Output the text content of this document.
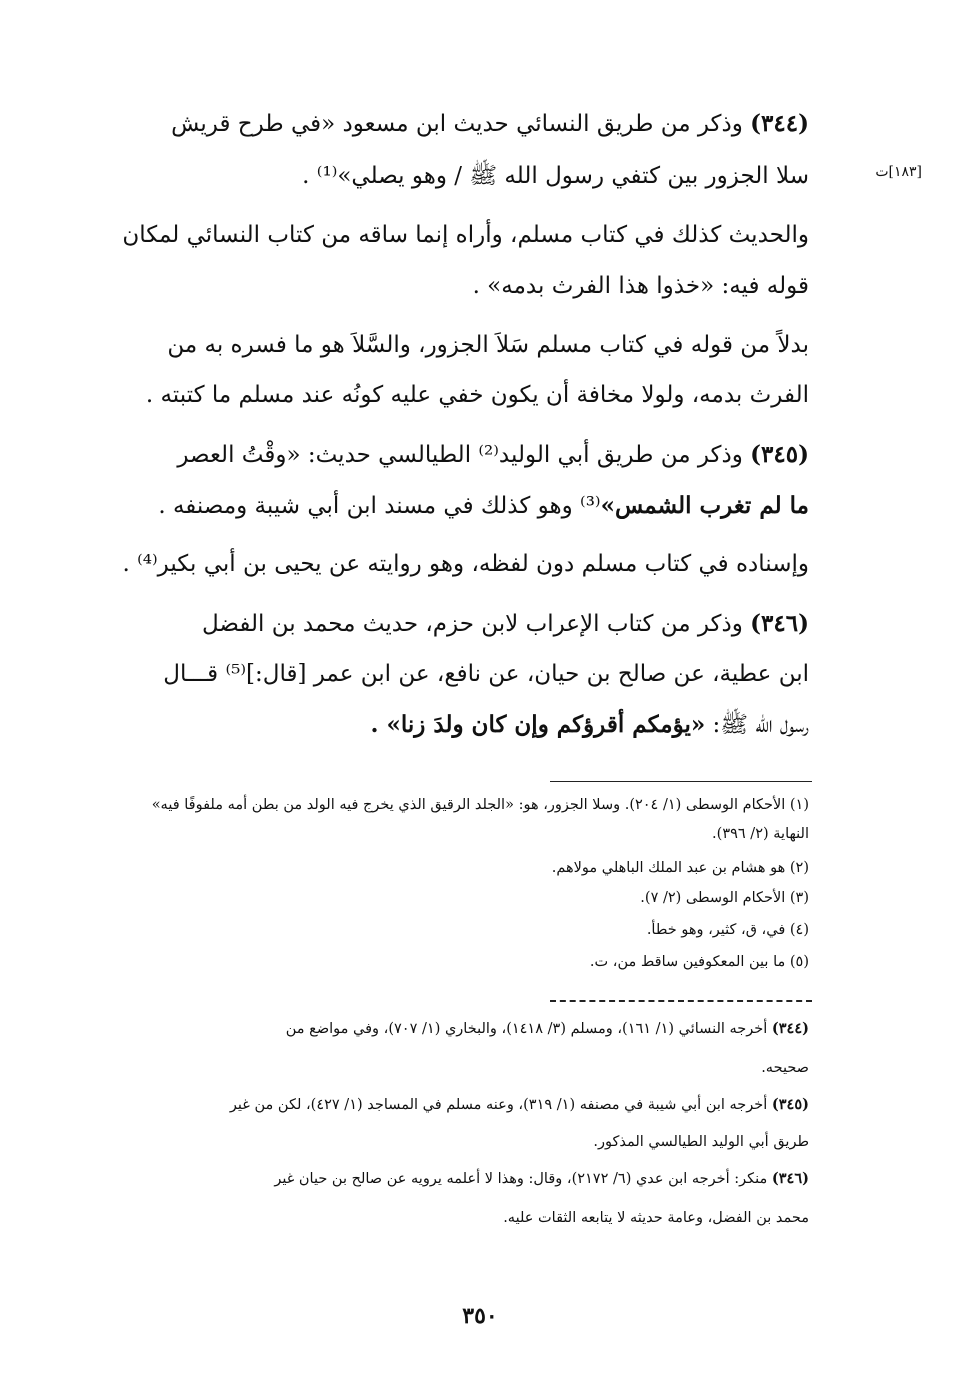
[١٨٣]ت
(٣٤٤) وذكر من طريق النسائي حديث ابن مسعود «في طرح قريش
سلا الجزور بين كتفي رسول الله ﷺ / وهو يصلي»⁽¹⁾ .
والحديث كذلك في كتاب مسلم، وأراه إنما ساقه من كتاب النسائي لمكان
قوله فيه: «خذوا هذا الفرث بدمه» .
بدلاً من قوله في كتاب مسلم سَلاَ الجزور، والسَّلاَ هو ما فسره به من
الفرث بدمه، ولولا مخافة أن يكون خفي عليه كونُه عند مسلم ما كتبته .
(٣٤٥) وذكر من طريق أبي الوليد⁽²⁾ الطيالسي حديث: «وقْتُ العصر
ما لم تغرب الشمس»⁽³⁾ وهو كذلك في مسند ابن أبي شيبة ومصنفه .
وإسناده في كتاب مسلم دون لفظه، وهو روايته عن يحيى بن أبي بكير⁽⁴⁾ .
(٣٤٦) وذكر من كتاب الإعراب لابن حزم، حديث محمد بن الفضل
ابن عطية، عن صالح بن حيان، عن نافع، عن ابن عمر [قال:]⁽⁵⁾ قـــال
رسول الله ﷺ: «يؤمكم أقرؤكم وإن كان ولدَ زنا» .
(١) الأحكام الوسطى (١/ ٢٠٤). وسلا الجزور، هو: «الجلد الرقيق الذي يخرج فيه الولد من بطن أمه ملفوفًا فيه»
النهاية (٢/ ٣٩٦).
(٢) هو هشام بن عبد الملك الباهلي مولاهم.
(٣) الأحكام الوسطى (٢/ ٧).
(٤) في، ق، كثير، وهو خطأ.
(٥) ما بين المعكوفين ساقط من، ت.
(٣٤٤) أخرجه النسائي (١/ ١٦١)، ومسلم (٣/ ١٤١٨)، والبخاري (١/ ٧٠٧)، وفي مواضع من
صحيحه.
(٣٤٥) أخرجه ابن أبي شيبة في مصنفه (١/ ٣١٩)، وعنه مسلم في المساجد (١/ ٤٢٧)، لكن من غير
طريق أبي الوليد الطيالسي المذكور.
(٣٤٦) منكر: أخرجه ابن عدي (٦/ ٢١٧٢)، وقال: وهذا لا أعلمه يرويه عن صالح بن حيان غير
محمد بن الفضل، وعامة حديثه لا يتابعه الثقات عليه.
٣٥٠
